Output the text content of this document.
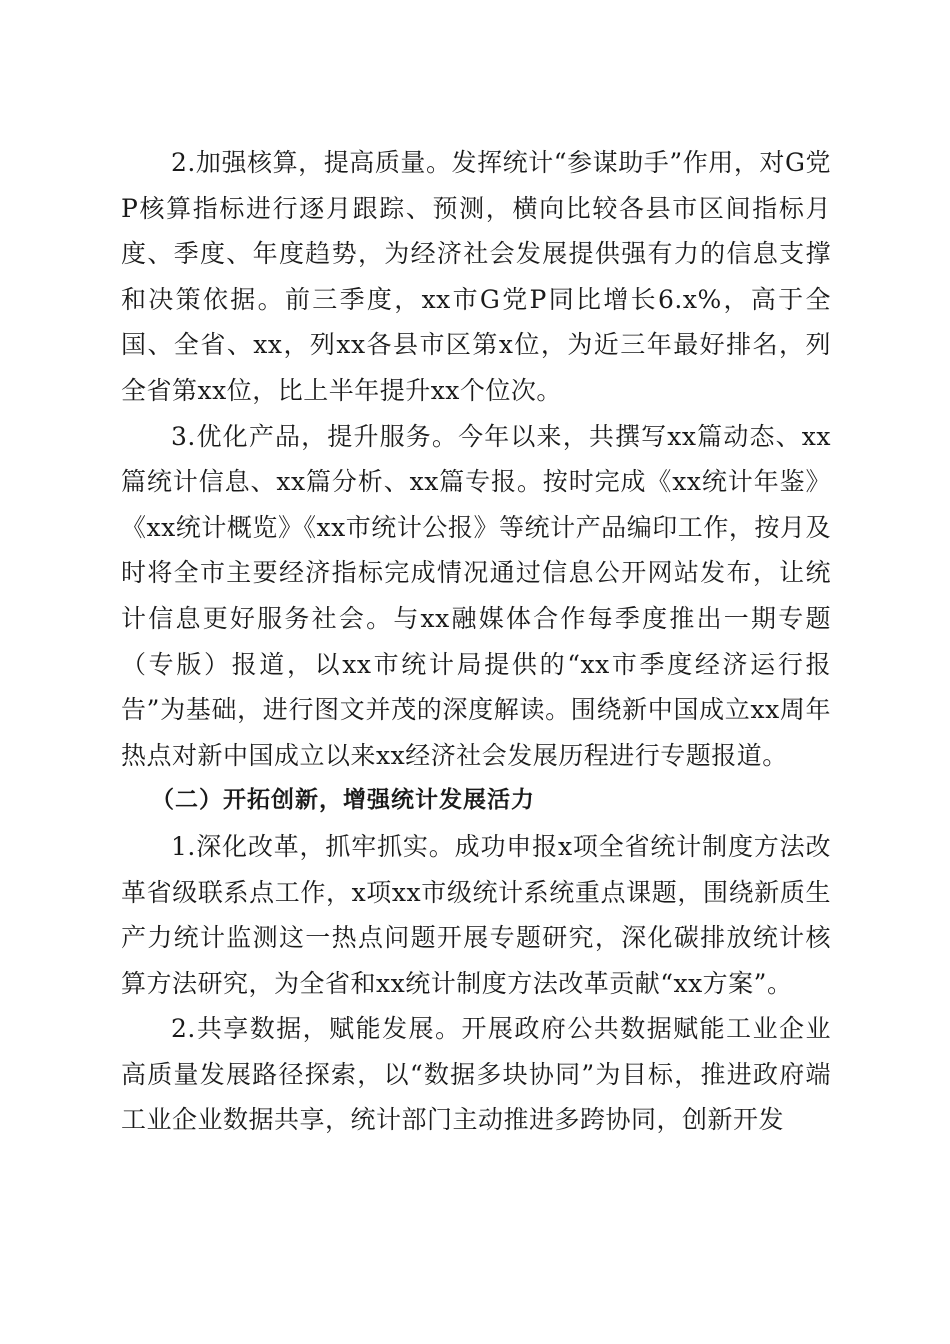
2.加强核算，提高质量。发挥统计“参谋助手”作用，对G党P核算指标进行逐月跟踪、预测，横向比较各县市区间指标月度、季度、年度趋势，为经济社会发展提供强有力的信息支撑和决策依据。前三季度，xx市G党P同比增长6.x%，高于全国、全省、xx，列xx各县市区第x位，为近三年最好排名，列全省第xx位，比上半年提升xx个位次。

3.优化产品，提升服务。今年以来，共撰写xx篇动态、xx篇统计信息、xx篇分析、xx篇专报。按时完成《xx统计年鉴》《xx统计概览》《xx市统计公报》等统计产品编印工作，按月及时将全市主要经济指标完成情况通过信息公开网站发布，让统计信息更好服务社会。与xx融媒体合作每季度推出一期专题（专版）报道，以xx市统计局提供的“xx市季度经济运行报告”为基础，进行图文并茂的深度解读。围绕新中国成立xx周年热点对新中国成立以来xx经济社会发展历程进行专题报道。

（二）开拓创新，增强统计发展活力

1.深化改革，抓牢抓实。成功申报x项全省统计制度方法改革省级联系点工作，x项xx市级统计系统重点课题，围绕新质生产力统计监测这一热点问题开展专题研究，深化碳排放统计核算方法研究，为全省和xx统计制度方法改革贡献“xx方案”。

2.共享数据，赋能发展。开展政府公共数据赋能工业企业高质量发展路径探索，以“数据多块协同”为目标，推进政府端工业企业数据共享，统计部门主动推进多跨协同，创新开发
